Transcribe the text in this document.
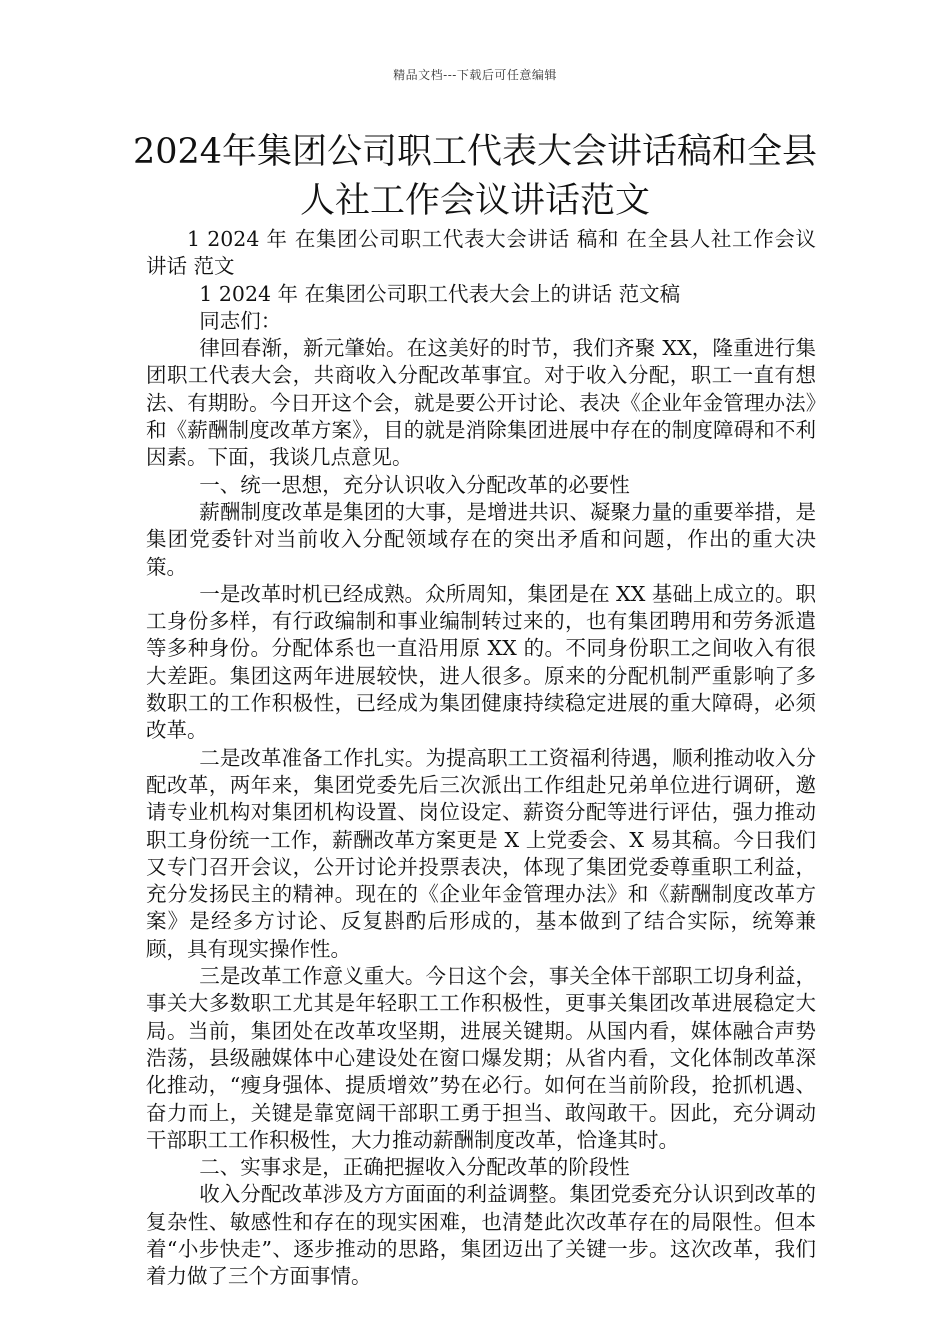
精品文档---下载后可任意编辑
2024年集团公司职工代表大会讲话稿和全县人社工作会议讲话范文

1 2024 年 在集团公司职工代表大会讲话 稿和 在全县人社工作会议讲话 范文

1 2024 年 在集团公司职工代表大会上的讲话 范文稿

同志们：

律回春渐，新元肇始。在这美好的时节，我们齐聚 XX，隆重进行集团职工代表大会，共商收入分配改革事宜。对于收入分配，职工一直有想法、有期盼。今日开这个会，就是要公开讨论、表决《企业年金管理办法》和《薪酬制度改革方案》，目的就是消除集团进展中存在的制度障碍和不利因素。下面，我谈几点意见。

一、统一思想，充分认识收入分配改革的必要性

薪酬制度改革是集团的大事，是增进共识、凝聚力量的重要举措，是集团党委针对当前收入分配领域存在的突出矛盾和问题，作出的重大决策。

一是改革时机已经成熟。众所周知，集团是在 XX 基础上成立的。职工身份多样，有行政编制和事业编制转过来的，也有集团聘用和劳务派遣等多种身份。分配体系也一直沿用原 XX 的。不同身份职工之间收入有很大差距。集团这两年进展较快，进人很多。原来的分配机制严重影响了多数职工的工作积极性，已经成为集团健康持续稳定进展的重大障碍，必须改革。

二是改革准备工作扎实。为提高职工工资福利待遇，顺利推动收入分配改革，两年来，集团党委先后三次派出工作组赴兄弟单位进行调研，邀请专业机构对集团机构设置、岗位设定、薪资分配等进行评估，强力推动职工身份统一工作，薪酬改革方案更是 X 上党委会、X 易其稿。今日我们又专门召开会议，公开讨论并投票表决，体现了集团党委尊重职工利益，充分发扬民主的精神。现在的《企业年金管理办法》和《薪酬制度改革方案》是经多方讨论、反复斟酌后形成的，基本做到了结合实际，统筹兼顾，具有现实操作性。

三是改革工作意义重大。今日这个会，事关全体干部职工切身利益，事关大多数职工尤其是年轻职工工作积极性，更事关集团改革进展稳定大局。当前，集团处在改革攻坚期，进展关键期。从国内看，媒体融合声势浩荡，县级融媒体中心建设处在窗口爆发期；从省内看，文化体制改革深化推动，“瘦身强体、提质增效”势在必行。如何在当前阶段，抢抓机遇、奋力而上，关键是靠宽阔干部职工勇于担当、敢闯敢干。因此，充分调动干部职工工作积极性，大力推动薪酬制度改革，恰逢其时。

二、实事求是，正确把握收入分配改革的阶段性

收入分配改革涉及方方面面的利益调整。集团党委充分认识到改革的复杂性、敏感性和存在的现实困难，也清楚此次改革存在的局限性。但本着“小步快走”、逐步推动的思路，集团迈出了关键一步。这次改革，我们着力做了三个方面事情。
